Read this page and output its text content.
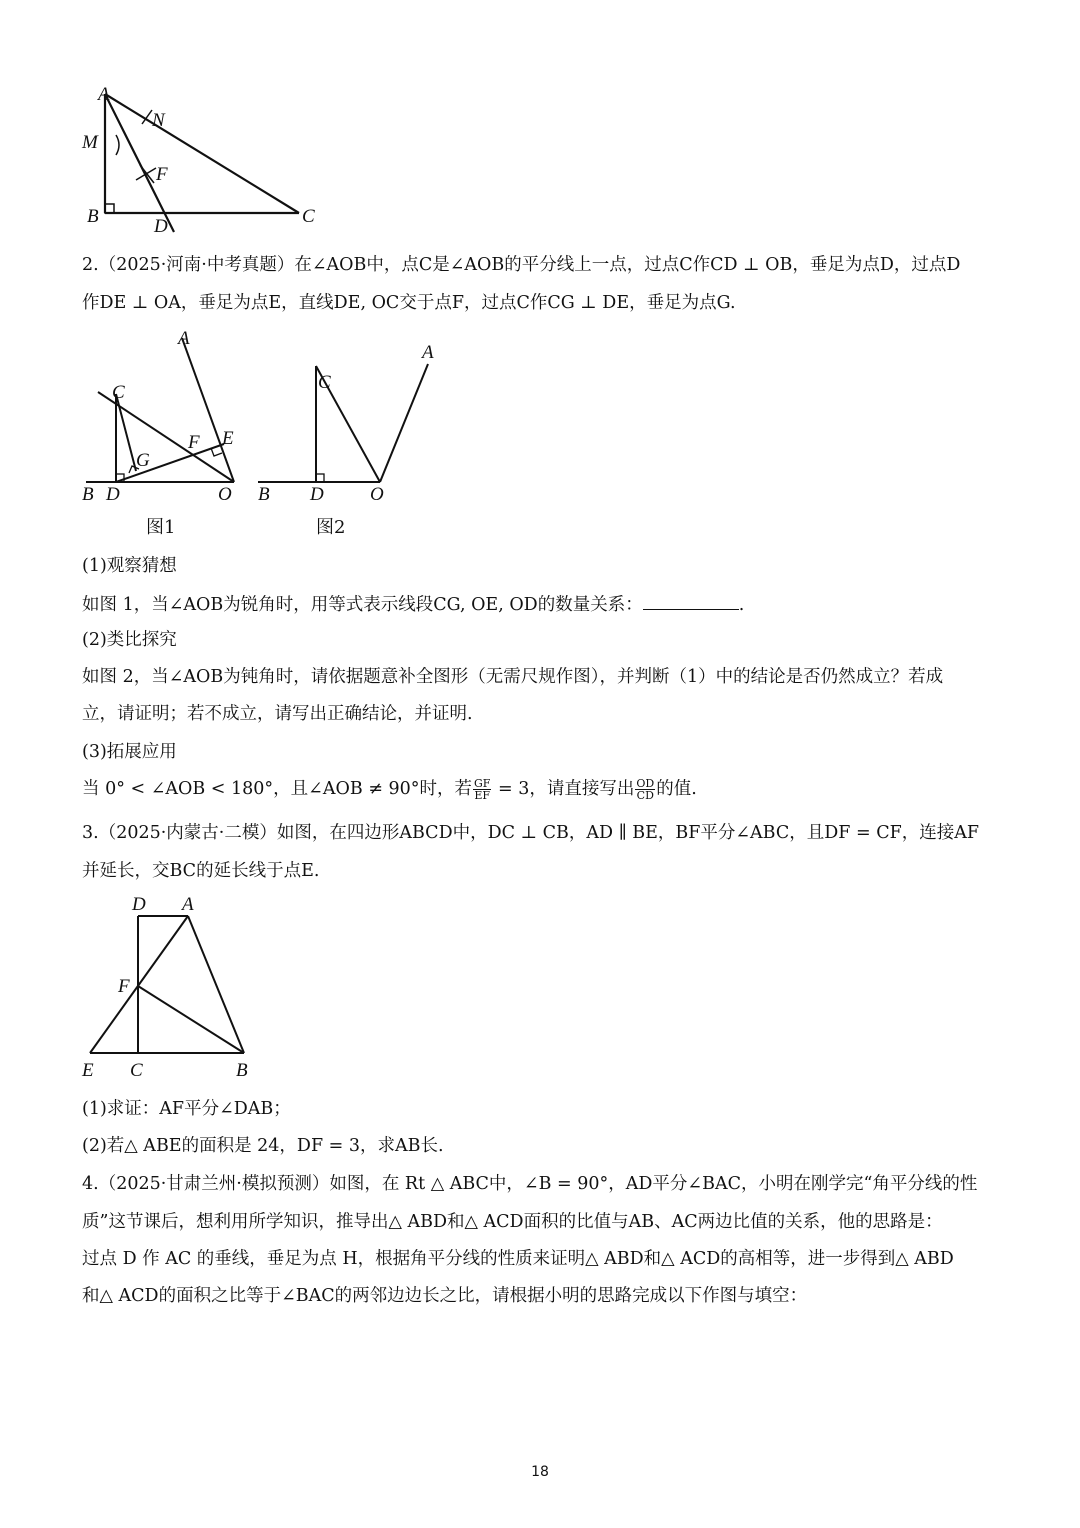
A
M
N
F
B	D	C
2.（2025·河南·中考真题）在∠AOB中，点C是∠AOB的平分线上一点，过点C作CD ⊥ OB，垂足为点D，过点D
作DE ⊥ OA，垂足为点E，直线DE, OC交于点F，过点C作CG ⊥ DE，垂足为点G.
A
C
F E
G
B D	O
图1
A
C
B D O
图2
(1)观察猜想
如图 1，当∠AOB为锐角时，用等式表示线段CG, OE, OD的数量关系：	.
(2)类比探究
如图 2，当∠AOB为钝角时，请依据题意补全图形（无需尺规作图），并判断（1）中的结论是否仍然成立？若成
立，请证明；若不成立，请写出正确结论，并证明.
(3)拓展应用
当 0° < ∠AOB < 180°，且∠AOB ≠ 90°时，若 $\frac{GF}{EF} = 3$，请直接写出 $\frac{OD}{CD}$ 的值.
3.（2025·内蒙古·二模）如图，在四边形ABCD中，DC ⊥ CB，AD ∥ BE，BF平分∠ABC，且DF = CF，连接AF
并延长，交BC的延长线于点E.
D A
F
E C	B
(1)求证：AF平分∠DAB；
(2)若△ ABE的面积是 24，DF = 3，求AB长.
4.（2025·甘肃兰州·模拟预测）如图，在 Rt △ ABC中，∠B = 90°，AD平分∠BAC，小明在刚学完“角平分线的性
质”这节课后，想利用所学知识，推导出△ ABD和△ ACD面积的比值与AB、AC两边比值的关系，他的思路是：
过点 D 作 AC 的垂线，垂足为点 H，根据角平分线的性质来证明△ ABD和△ ACD的高相等，进一步得到△ ABD
和△ ACD的面积之比等于∠BAC的两邻边边长之比，请根据小明的思路完成以下作图与填空：
18
